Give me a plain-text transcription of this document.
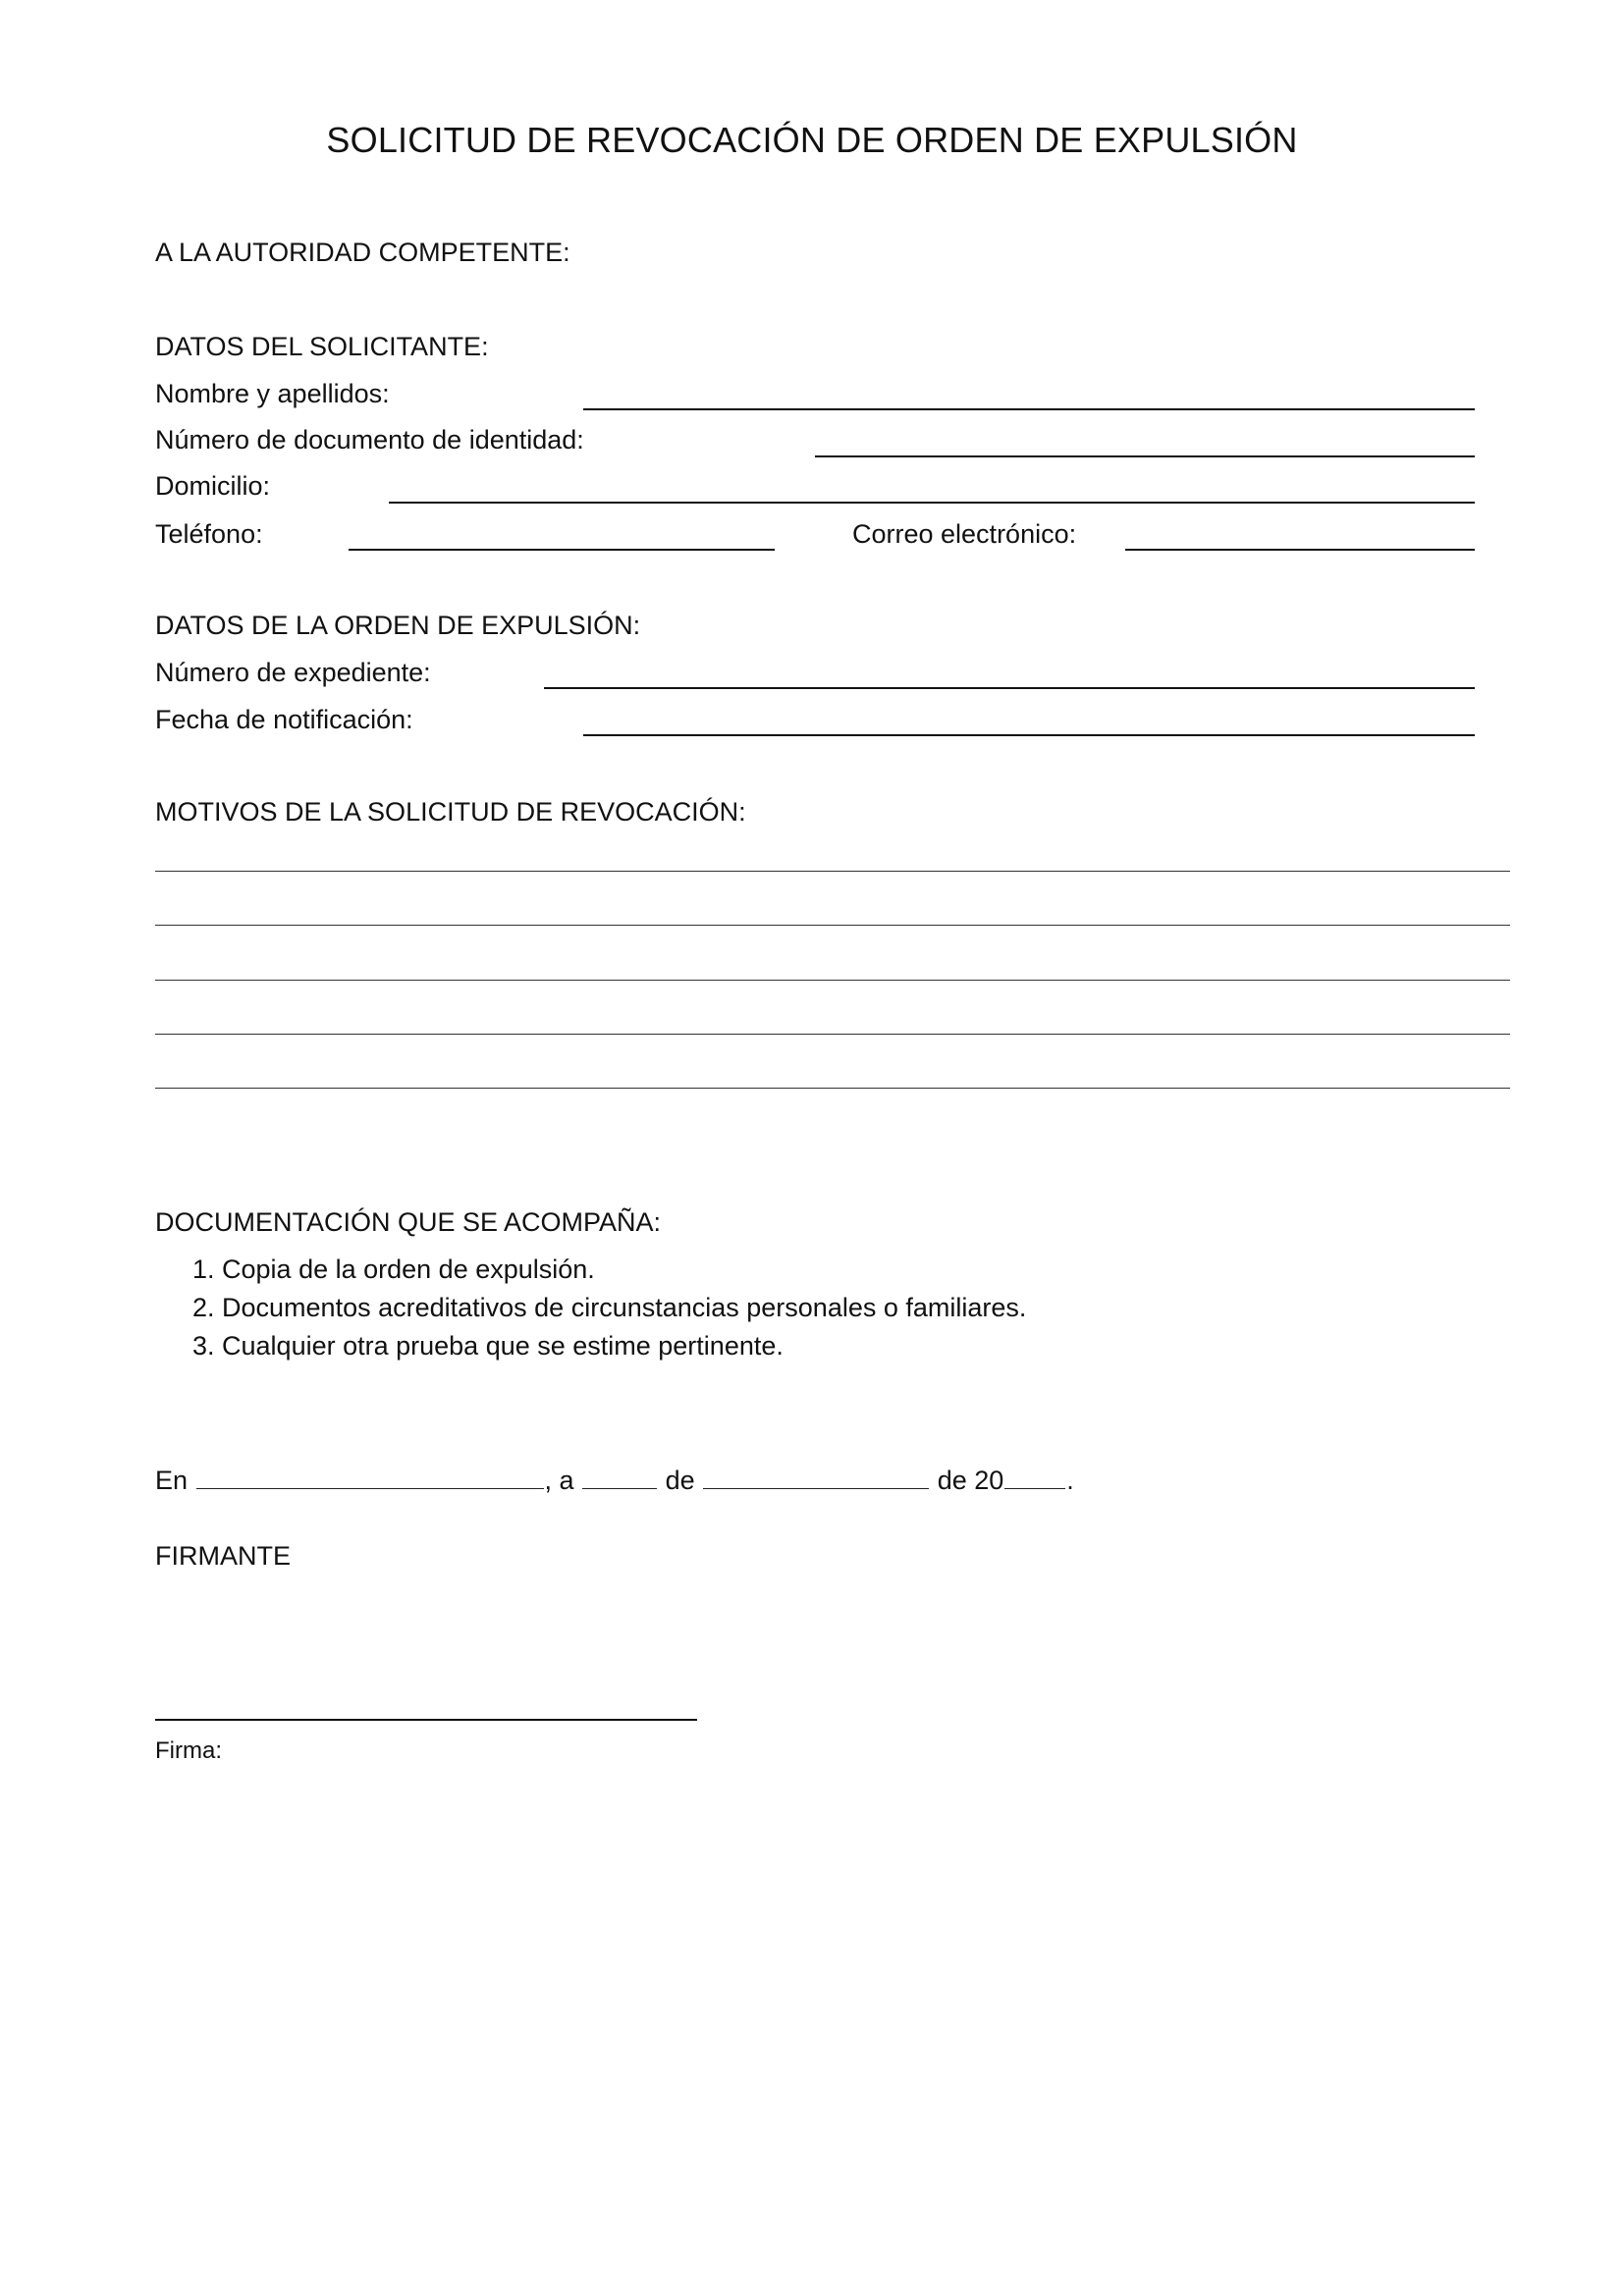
SOLICITUD DE REVOCACIÓN DE ORDEN DE EXPULSIÓN
A LA AUTORIDAD COMPETENTE:
DATOS DEL SOLICITANTE:
Nombre y apellidos:
Número de documento de identidad:
Domicilio:
Teléfono:	Correo electrónico:
DATOS DE LA ORDEN DE EXPULSIÓN:
Número de expediente:
Fecha de notificación:
MOTIVOS DE LA SOLICITUD DE REVOCACIÓN:
DOCUMENTACIÓN QUE SE ACOMPAÑA:
1. Copia de la orden de expulsión.
2. Documentos acreditativos de circunstancias personales o familiares.
3. Cualquier otra prueba que se estime pertinente.
En	, a	de	de 20 .
FIRMANTE
Firma:
